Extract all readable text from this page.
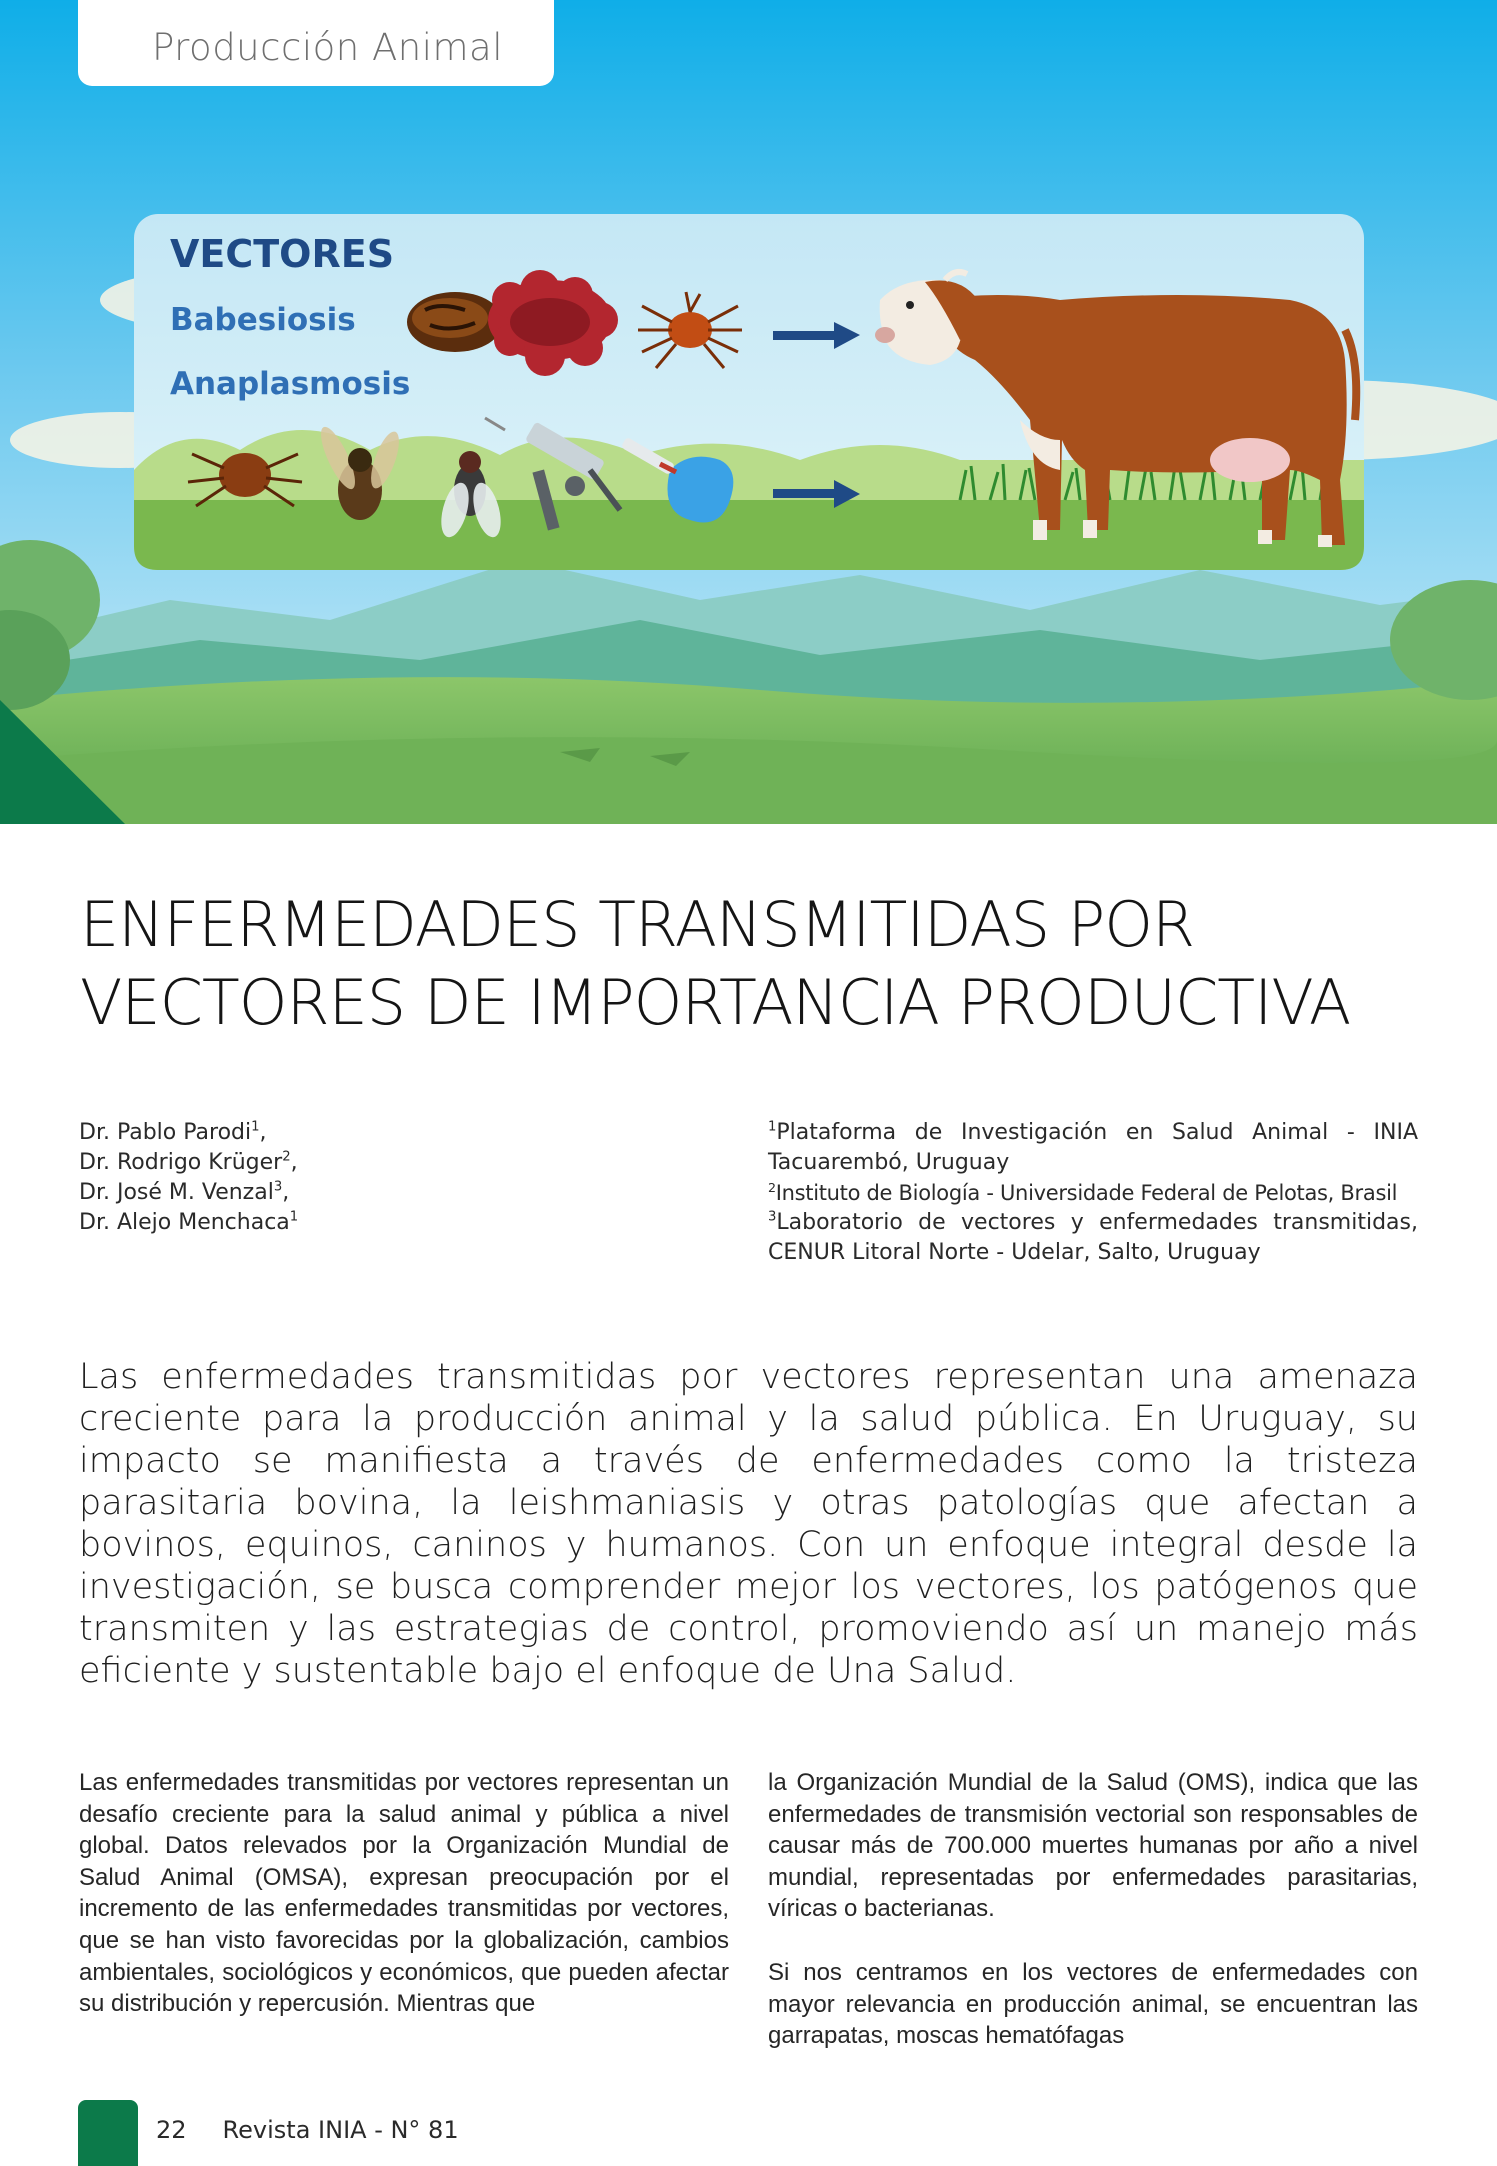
Producción Animal
VECTORES
Babesiosis
Anaplasmosis
ENFERMEDADES TRANSMITIDAS POR
VECTORES DE IMPORTANCIA PRODUCTIVA
Dr. Pablo Parodi$^1$,
Dr. Rodrigo Krüger$^2$,
Dr. José M. Venzal$^3$,
Dr. Alejo Menchaca$^1$
$^1$Plataforma de Investigación en Salud Animal - INIA Tacuarembó, Uruguay
$^2$Instituto de Biología - Universidade Federal de Pelotas, Brasil
$^3$Laboratorio de vectores y enfermedades transmitidas, CENUR Litoral Norte - Udelar, Salto, Uruguay
Las enfermedades transmitidas por vectores representan una amenaza creciente para la producción animal y la salud pública. En Uruguay, su impacto se manifiesta a través de enfermedades como la tristeza parasitaria bovina, la leishmaniasis y otras patologías que afectan a bovinos, equinos, caninos y humanos. Con un enfoque integral desde la investigación, se busca comprender mejor los vectores, los patógenos que transmiten y las estrategias de control, promoviendo así un manejo más eficiente y sustentable bajo el enfoque de Una Salud.

Las enfermedades transmitidas por vectores representan un desafío creciente para la salud animal y pública a nivel global. Datos relevados por la Organización Mundial de Salud Animal (OMSA), expresan preocupación por el incremento de las enfermedades transmitidas por vectores, que se han visto favorecidas por la globalización, cambios ambientales, sociológicos y económicos, que pueden afectar su distribución y repercusión. Mientras que

la Organización Mundial de la Salud (OMS), indica que las enfermedades de transmisión vectorial son responsables de causar más de 700.000 muertes humanas por año a nivel mundial, representadas por enfermedades parasitarias, víricas o bacterianas.

Si nos centramos en los vectores de enfermedades con mayor relevancia en producción animal, se encuentran las garrapatas, moscas hematófagas

22 Revista INIA - N° 81
